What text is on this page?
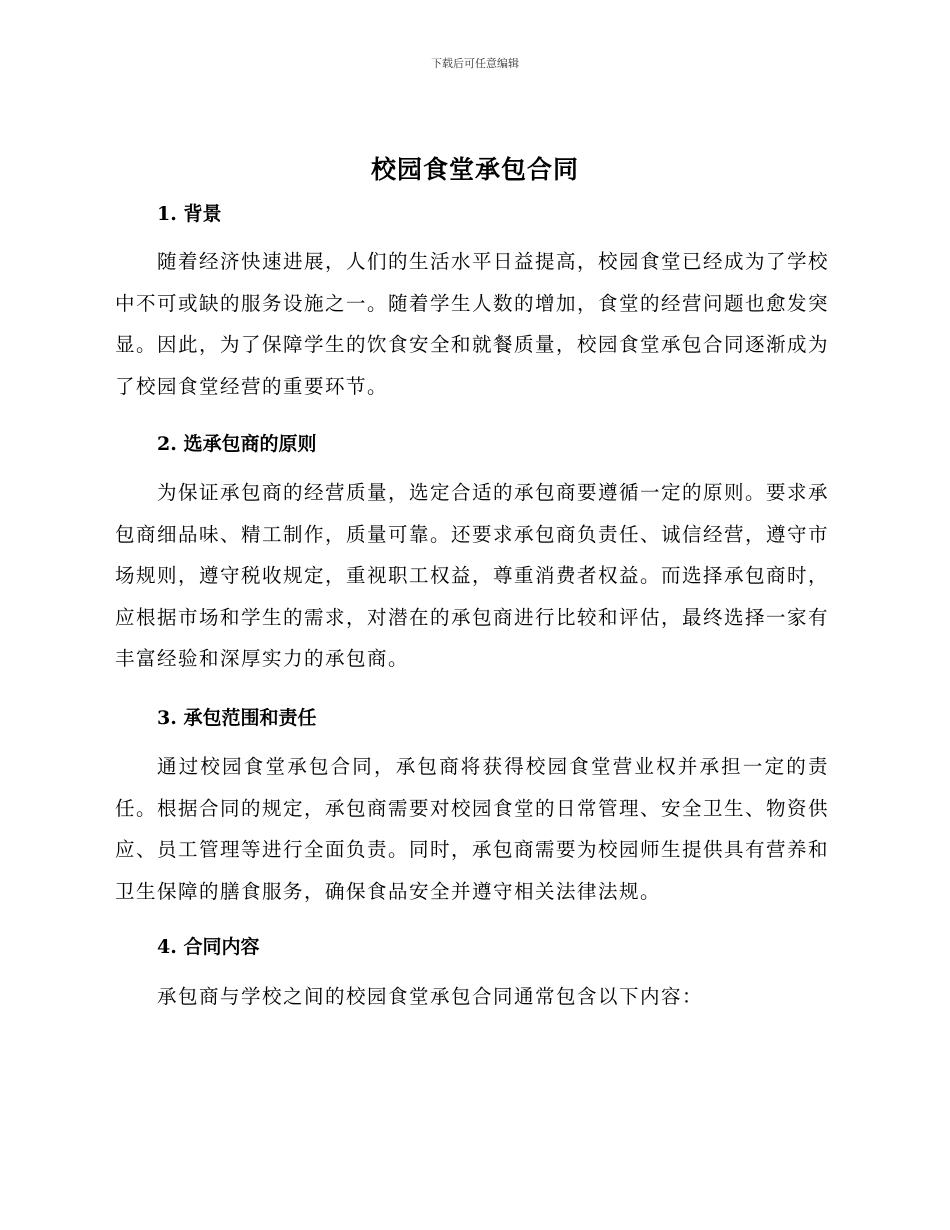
下载后可任意编辑
校园食堂承包合同
1. 背景

随着经济快速进展，人们的生活水平日益提高，校园食堂已经成为了学校中不可或缺的服务设施之一。随着学生人数的增加，食堂的经营问题也愈发突显。因此，为了保障学生的饮食安全和就餐质量，校园食堂承包合同逐渐成为了校园食堂经营的重要环节。

2. 选承包商的原则

为保证承包商的经营质量，选定合适的承包商要遵循一定的原则。要求承包商细品味、精工制作，质量可靠。还要求承包商负责任、诚信经营，遵守市场规则，遵守税收规定，重视职工权益，尊重消费者权益。而选择承包商时，应根据市场和学生的需求，对潜在的承包商进行比较和评估，最终选择一家有丰富经验和深厚实力的承包商。

3. 承包范围和责任

通过校园食堂承包合同，承包商将获得校园食堂营业权并承担一定的责任。根据合同的规定，承包商需要对校园食堂的日常管理、安全卫生、物资供应、员工管理等进行全面负责。同时，承包商需要为校园师生提供具有营养和卫生保障的膳食服务，确保食品安全并遵守相关法律法规。

4. 合同内容

承包商与学校之间的校园食堂承包合同通常包含以下内容：
